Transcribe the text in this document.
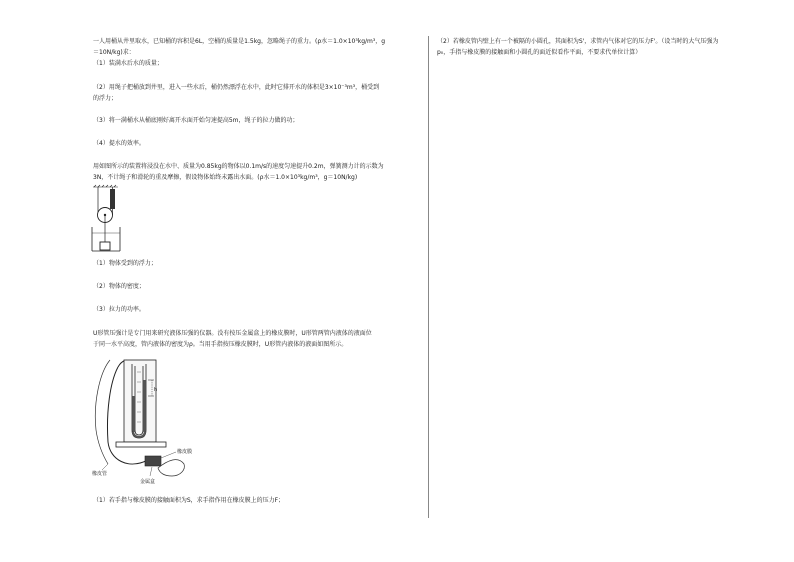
一人用桶从井里取水，已知桶的容积是6L，空桶的质量是1.5kg，忽略绳子的重力。(ρ水＝1.0×10³kg/m³，g
＝10N/kg)求：
（1）装满水后水的质量；
（2）用绳子把桶放到井里，进入一些水后，桶仍然漂浮在水中，此时它排开水的体积是3×10⁻³m³，桶受到
的浮力；
（3）将一满桶水从桶底刚好离开水面开始匀速提高5m，绳子的拉力做的功；
（4）提水的效率。
用如图所示的装置将浸没在水中、质量为0.85kg的物体以0.1m/s的速度匀速提升0.2m，弹簧测力计的示数为
3N，不计绳子和滑轮的重及摩擦，假设物体始终未露出水面。(ρ水＝1.0×10³kg/m³，g＝10N/kg)
（1）物体受到的浮力；
（2）物体的密度；
（3）拉力的功率。
U形管压强计是专门用来研究液体压强的仪器。没有按压金属盒上的橡皮膜时，U形管两管内液体的液面位
于同一水平高度，管内液体的密度为ρ。当用手指按压橡皮膜时，U形管内液体的液面如图所示。
h
橡皮膜
橡皮管
金属盒
（1）若手指与橡皮膜的接触面积为S，求手指作用在橡皮膜上的压力F；
（2）若橡皮管内壁上有一个被隔的小圆孔，其面积为S'，求管内气体对它的压力F'。（设当时的大气压强为
p₀，手指与橡皮膜的接触面和小圆孔的面近似看作平面，不要求代单位计算）
